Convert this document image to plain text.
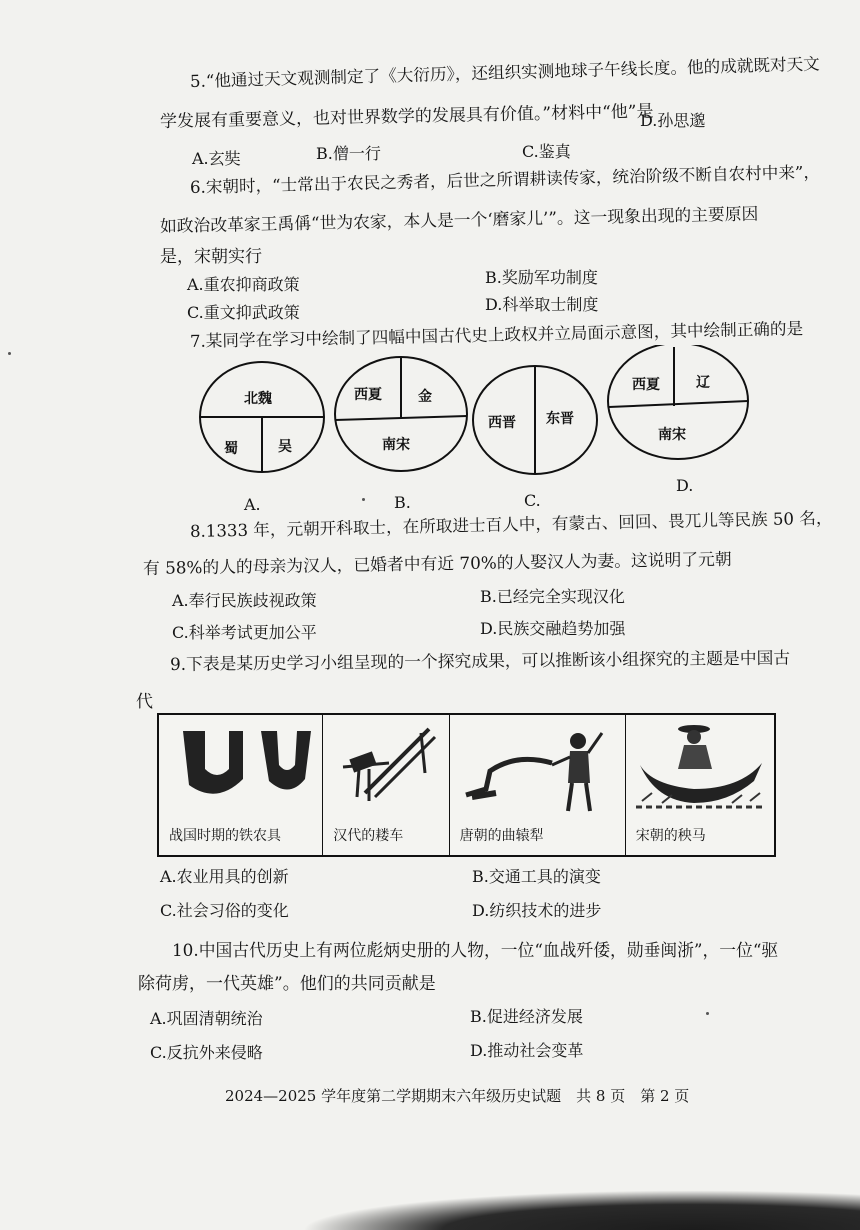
5.“他通过天文观测制定了《大衍历》，还组织实测地球子午线长度。他的成就既对天文
学发展有重要意义，也对世界数学的发展具有价值。”材料中“他”是
A.玄奘	B.僧一行	C.鉴真
D.孙思邈
6.宋朝时，“士常出于农民之秀者，后世之所谓耕读传家，统治阶级不断自农村中来”，
如政治改革家王禹偁“世为农家，本人是一个‘磨家儿’”。这一现象出现的主要原因
是，宋朝实行
A.重农抑商政策	B.奖励军功制度
C.重文抑武政策	D.科举取士制度
7.某同学在学习中绘制了四幅中国古代史上政权并立局面示意图，其中绘制正确的是
北魏
蜀	吴
西夏	金
南宋
西晋 东晋
西夏	辽
南宋
A.	B.	C.
D.
8.1333 年，元朝开科取士，在所取进士百人中，有蒙古、回回、畏兀儿等民族 50 名，
有 58%的人的母亲为汉人，已婚者中有近 70%的人娶汉人为妻。这说明了元朝
A.奉行民族歧视政策	B.已经完全实现汉化
C.科举考试更加公平	D.民族交融趋势加强
9.下表是某历史学习小组呈现的一个探究成果，可以推断该小组探究的主题是中国古
代
战国时期的铁农具	汉代的耧车	唐朝的曲辕犁	宋朝的秧马
A.农业用具的创新	B.交通工具的演变
C.社会习俗的变化	D.纺织技术的进步
10.中国古代历史上有两位彪炳史册的人物，一位“血战歼倭，勋垂闽浙”，一位“驱
除荷虏，一代英雄”。他们的共同贡献是
A.巩固清朝统治	B.促进经济发展
C.反抗外来侵略	D.推动社会变革
2024—2025 学年度第二学期期末六年级历史试题　共 8 页　第 2 页
